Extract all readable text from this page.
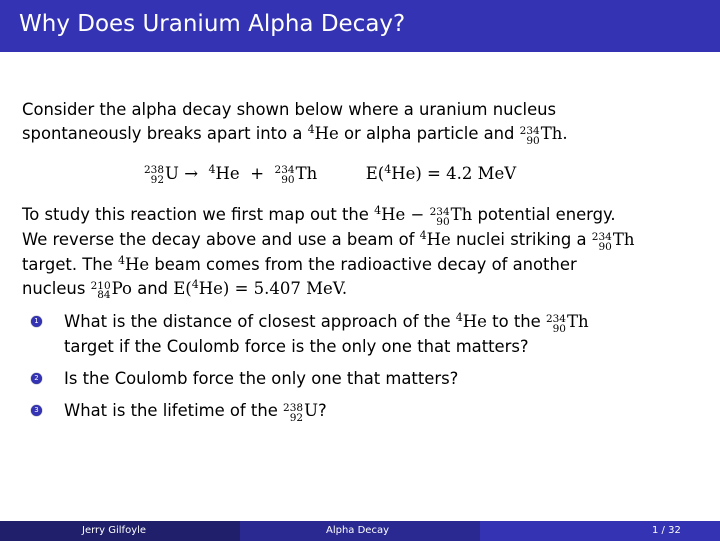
Why Does Uranium Alpha Decay?

Consider the alpha decay shown below where a uranium nucleus
spontaneously breaks apart into a $^4$He or alpha particle and 234
90 Th.

238
92 U → $^4$He + 234
90 Th	E($^4$He) = 4.2 MeV

To study this reaction we first map out the $^4$He − 234
90 Th potential energy.
We reverse the decay above and use a beam of $^4$He nuclei striking a 234
90 Th
target. The $^4$He beam comes from the radioactive decay of another
nucleus 210
84 Po and E($^4$He) = 5.407 MeV.

1 What is the distance of closest approach of the $^4$He to the 234
90 Th
target if the Coulomb force is the only one that matters?
2 Is the Coulomb force the only one that matters?
3 What is the lifetime of the 238
92 U?
Jerry Gilfoyle	Alpha Decay	1 / 32
